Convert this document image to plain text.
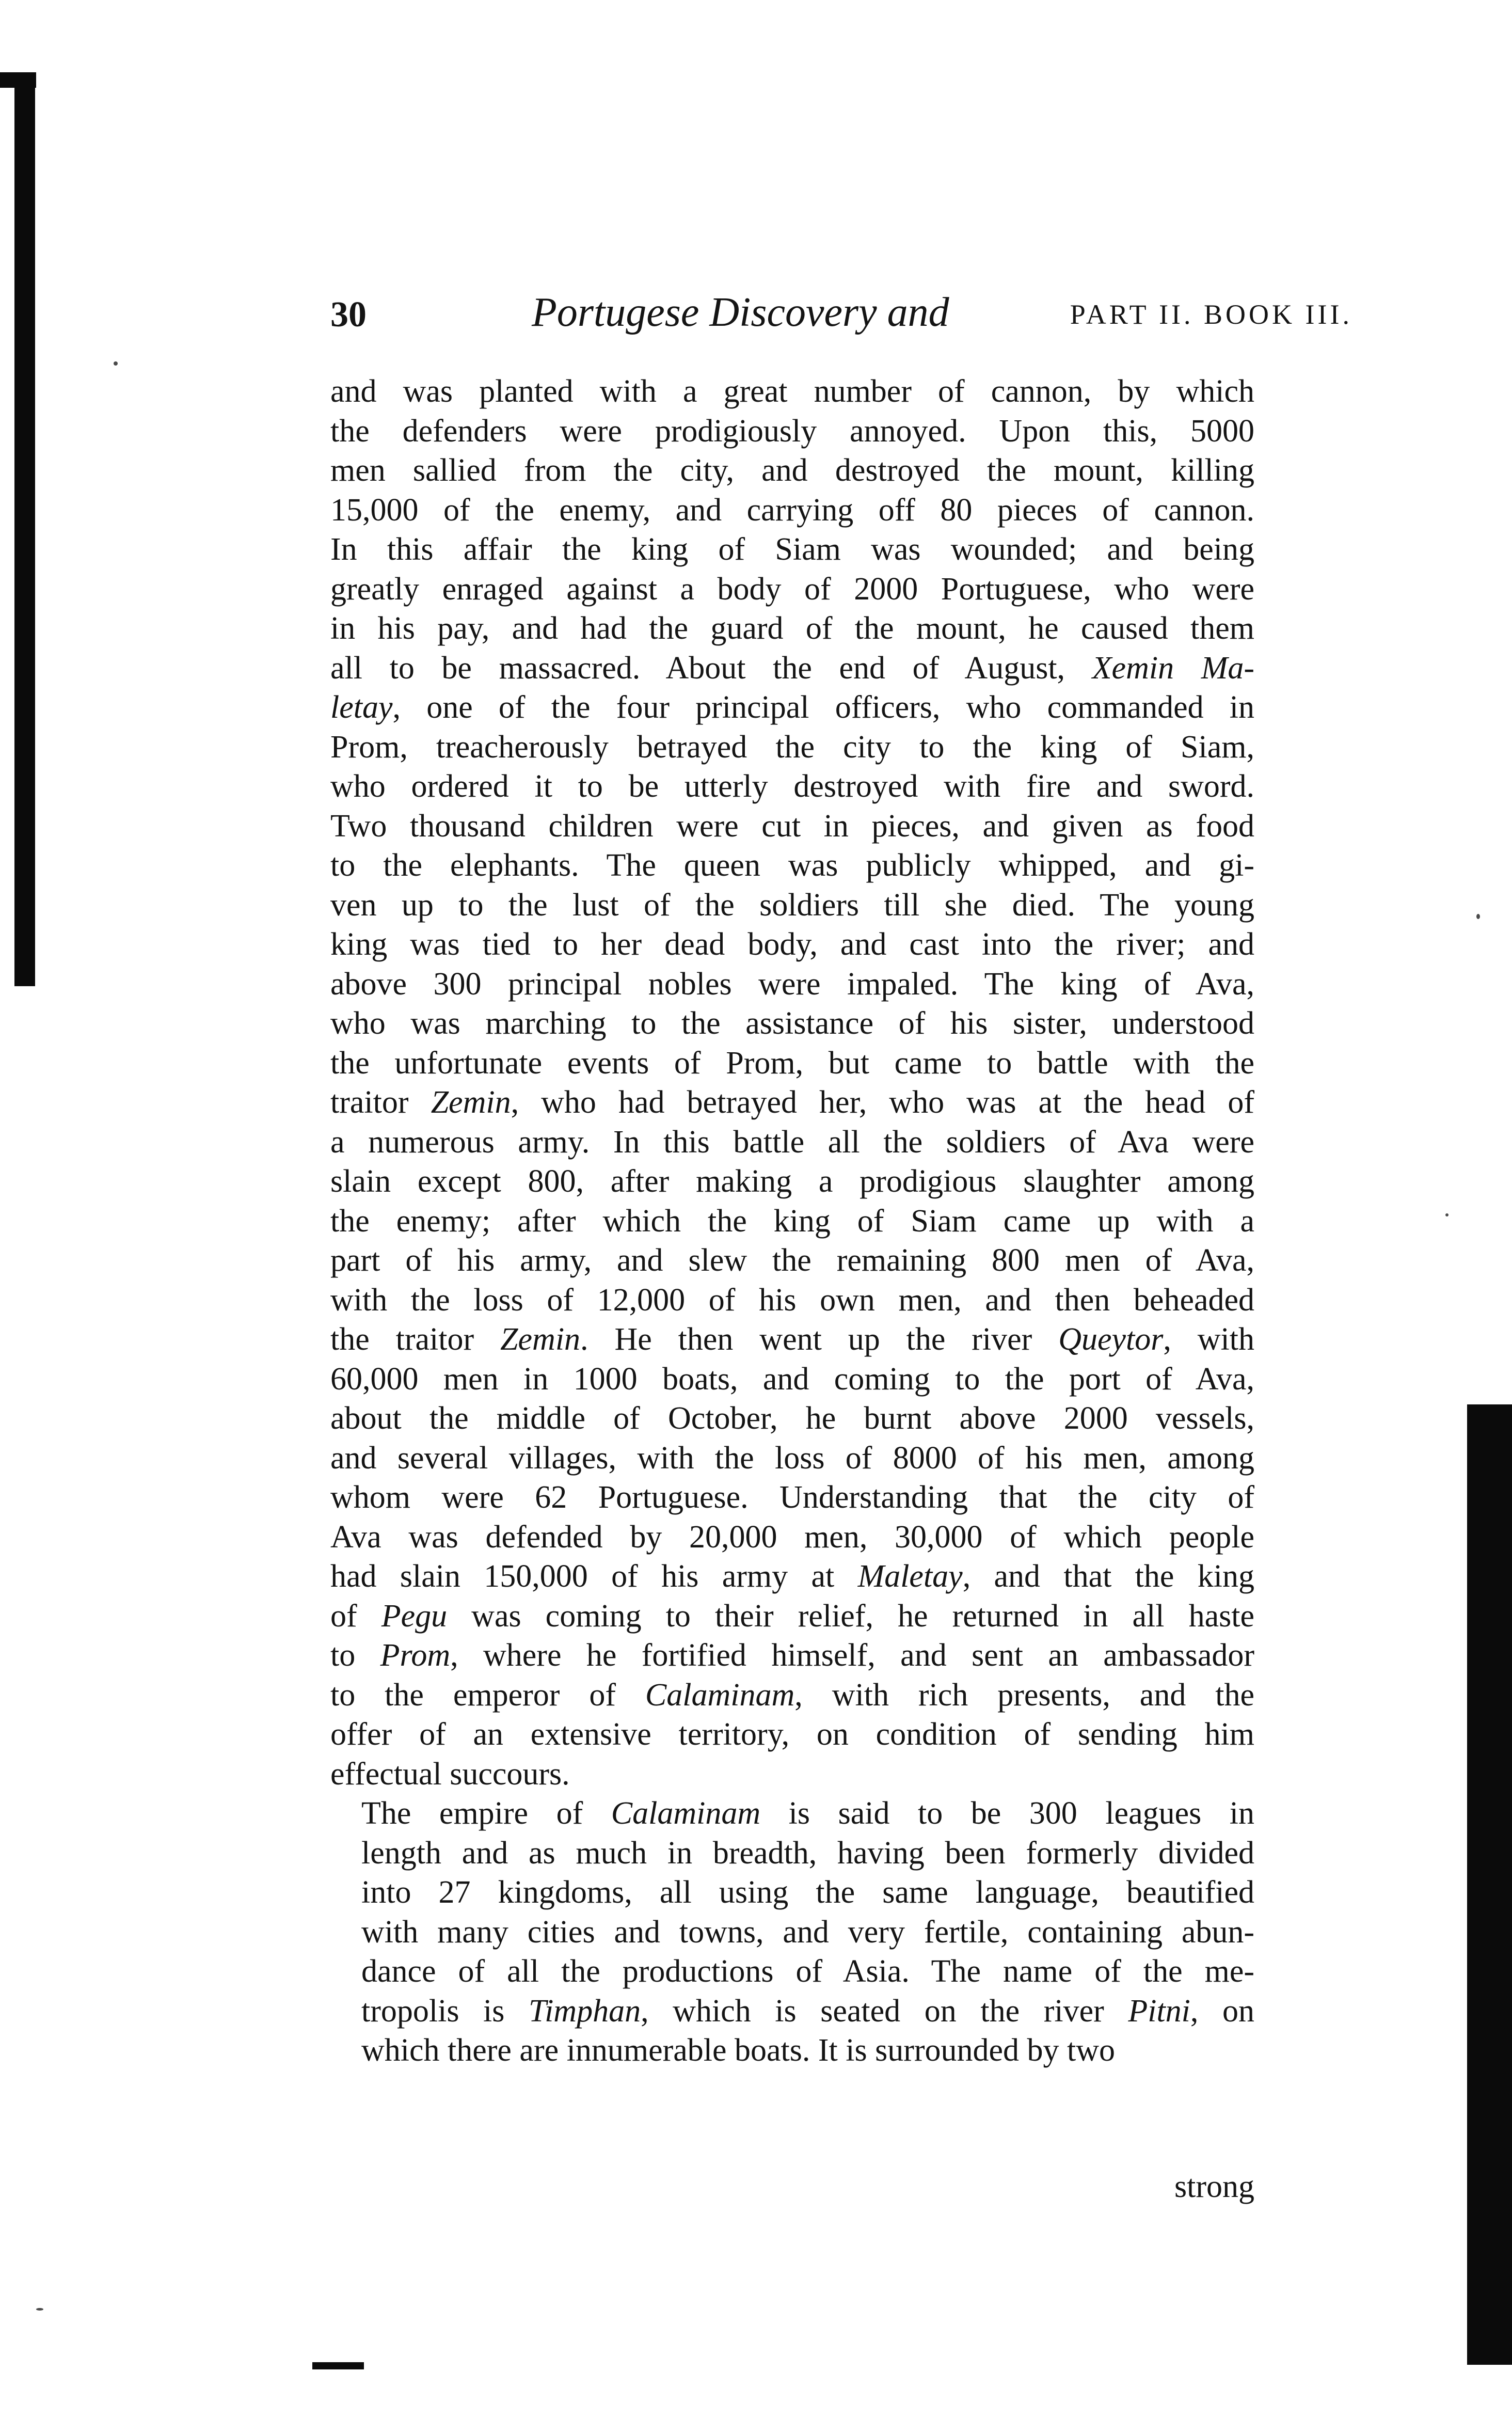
30	Portugese Discovery and	PART II. BOOK III.

and was planted with a great number of cannon, by which
the defenders were prodigiously annoyed. Upon this, 5000
men sallied from the city, and destroyed the mount, killing
15,000 of the enemy, and carrying off 80 pieces of cannon.
In this affair the king of Siam was wounded; and being
greatly enraged against a body of 2000 Portuguese, who were
in his pay, and had the guard of the mount, he caused them
all to be massacred. About the end of August, Xemin Ma-
letay, one of the four principal officers, who commanded in
Prom, treacherously betrayed the city to the king of Siam,
who ordered it to be utterly destroyed with fire and sword.
Two thousand children were cut in pieces, and given as food
to the elephants. The queen was publicly whipped, and gi-
ven up to the lust of the soldiers till she died. The young
king was tied to her dead body, and cast into the river; and
above 300 principal nobles were impaled. The king of Ava,
who was marching to the assistance of his sister, understood
the unfortunate events of Prom, but came to battle with the
traitor Zemin, who had betrayed her, who was at the head of
a numerous army. In this battle all the soldiers of Ava were
slain except 800, after making a prodigious slaughter among
the enemy; after which the king of Siam came up with a
part of his army, and slew the remaining 800 men of Ava,
with the loss of 12,000 of his own men, and then beheaded
the traitor Zemin. He then went up the river Queytor, with
60,000 men in 1000 boats, and coming to the port of Ava,
about the middle of October, he burnt above 2000 vessels,
and several villages, with the loss of 8000 of his men, among
whom were 62 Portuguese. Understanding that the city of
Ava was defended by 20,000 men, 30,000 of which people
had slain 150,000 of his army at Maletay, and that the king
of Pegu was coming to their relief, he returned in all haste
to Prom, where he fortified himself, and sent an ambassador
to the emperor of Calaminam, with rich presents, and the
offer of an extensive territory, on condition of sending him
effectual succours.

The empire of Calaminam is said to be 300 leagues in
length and as much in breadth, having been formerly divided
into 27 kingdoms, all using the same language, beautified
with many cities and towns, and very fertile, containing abun-
dance of all the productions of Asia. The name of the me-
tropolis is Timphan, which is seated on the river Pitni, on
which there are innumerable boats. It is surrounded by two

strong
